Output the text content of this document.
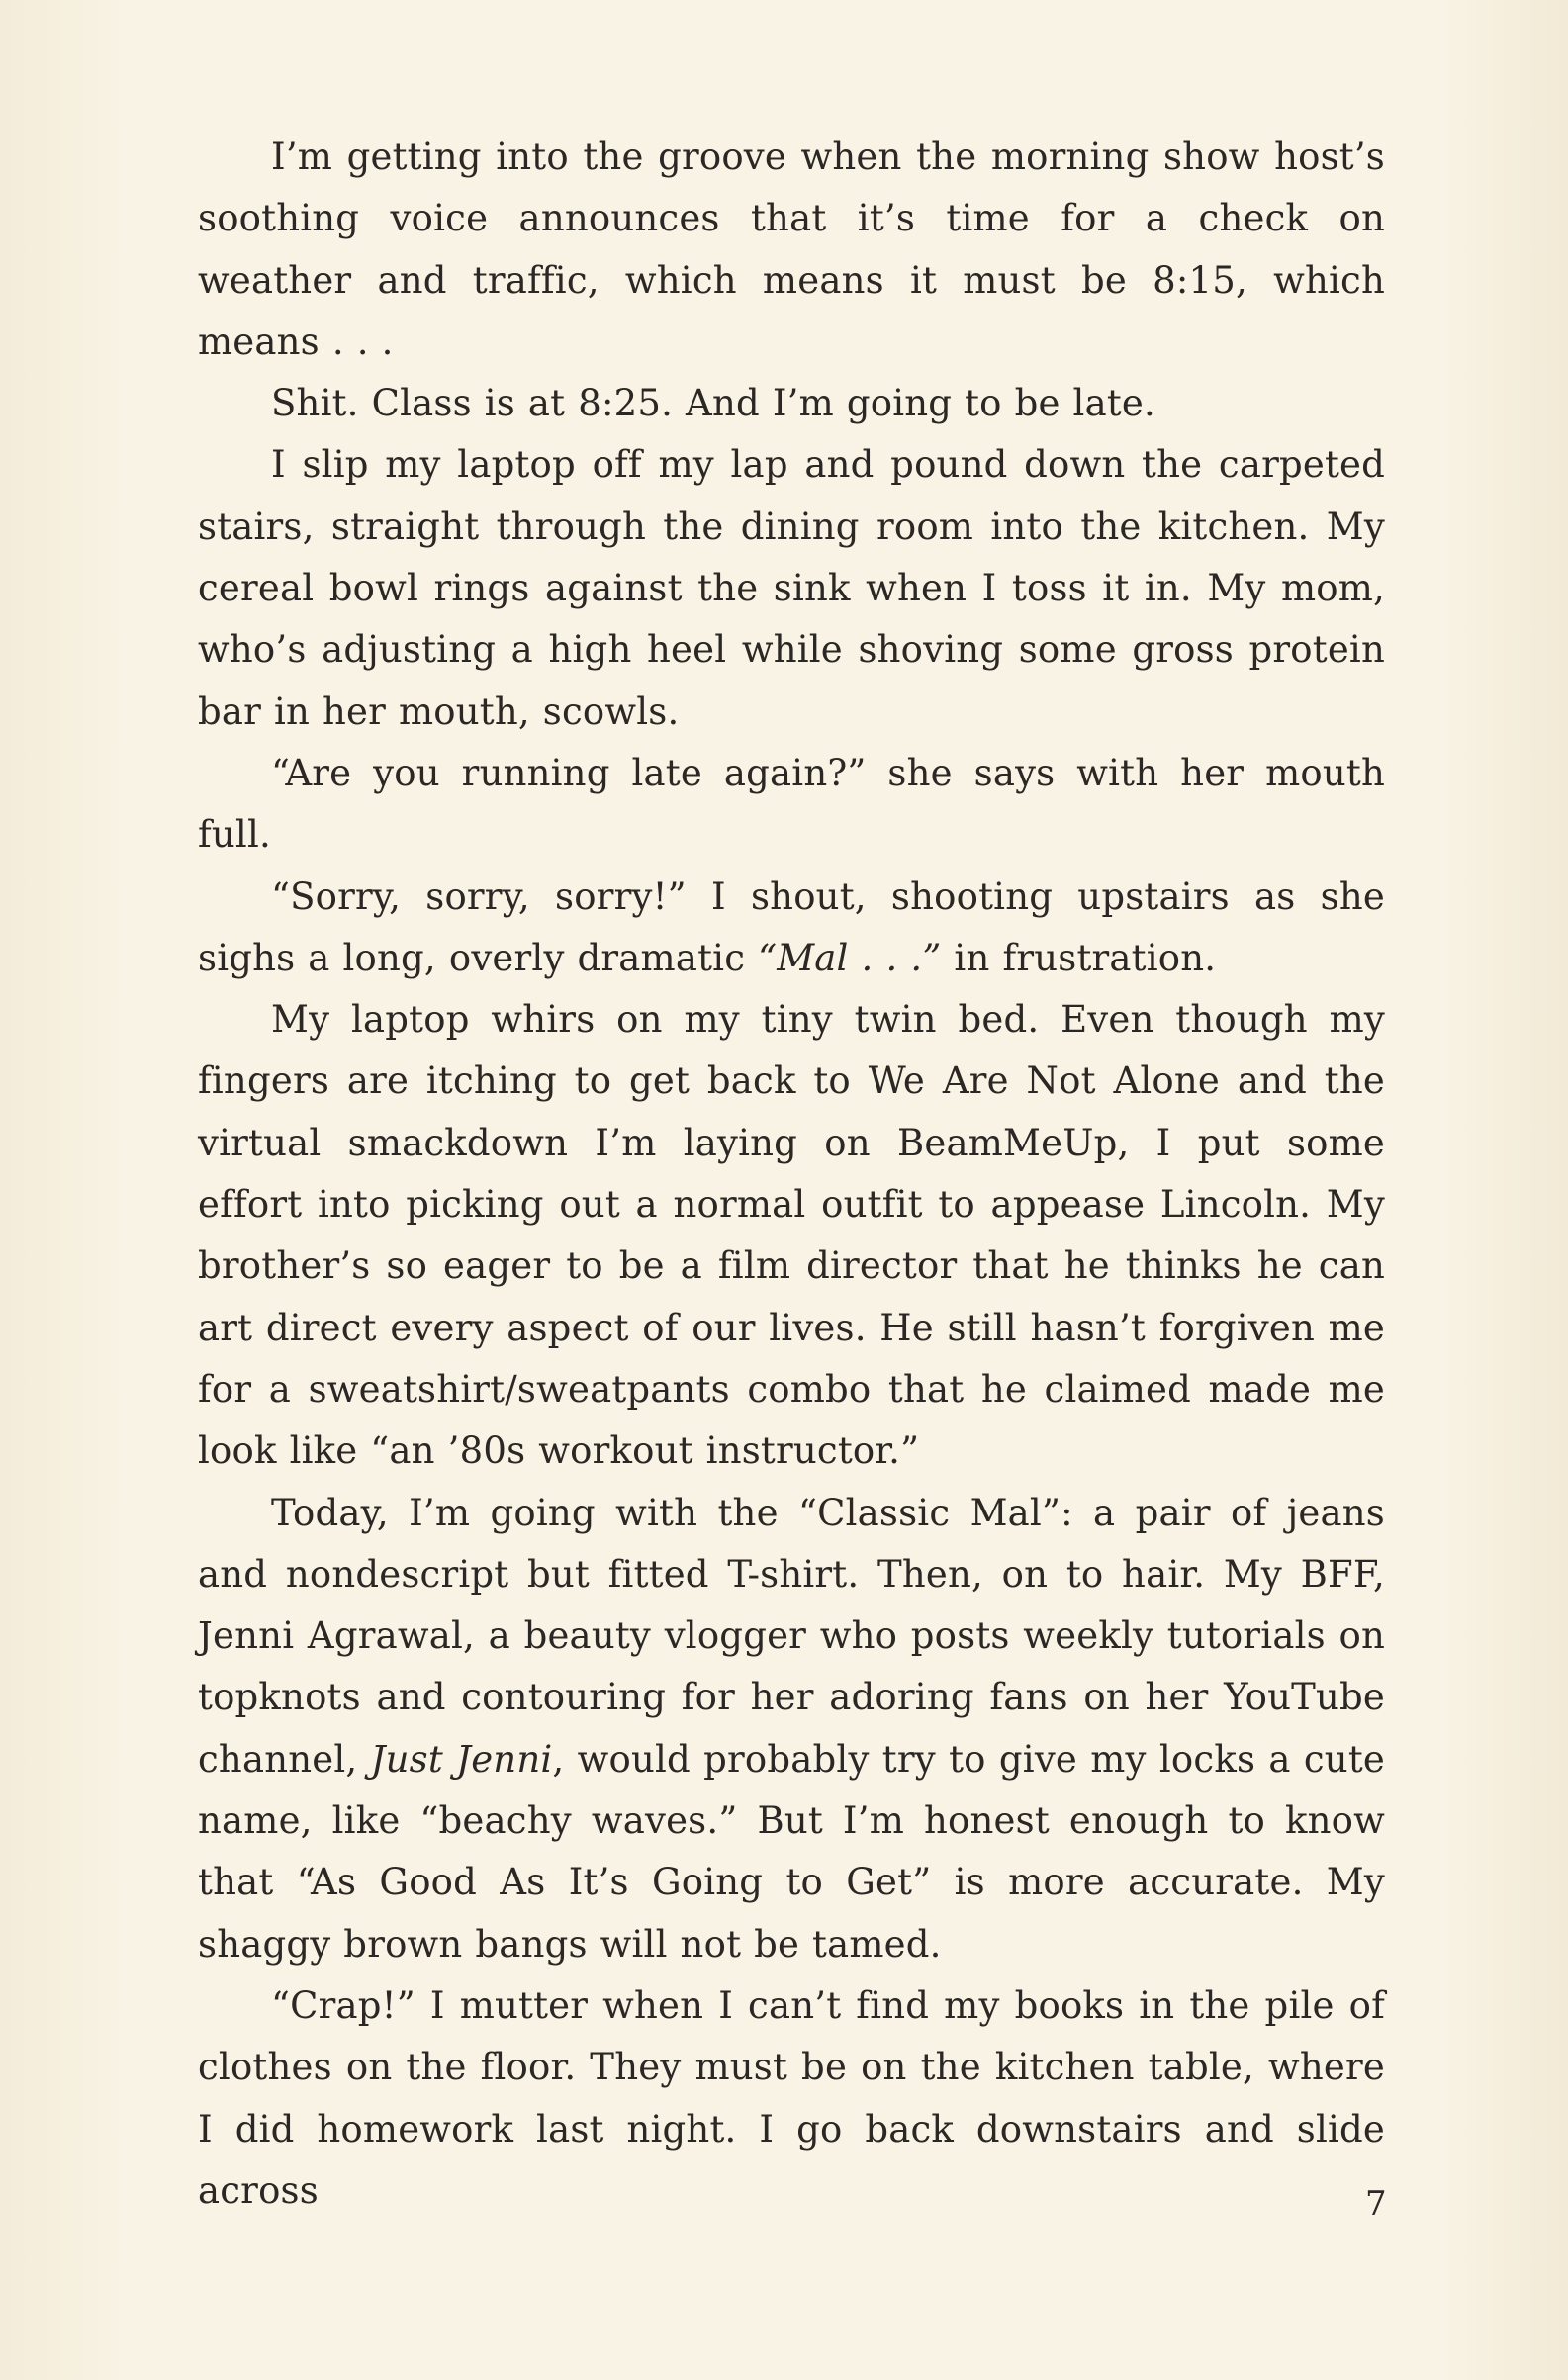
I’m getting into the groove when the morning show host’s soothing voice announces that it’s time for a check on weather and traffic, which means it must be 8:15, which means . . .

Shit. Class is at 8:25. And I’m going to be late.

I slip my laptop off my lap and pound down the carpeted stairs, straight through the dining room into the kitchen. My cereal bowl rings against the sink when I toss it in. My mom, who’s adjusting a high heel while shoving some gross protein bar in her mouth, scowls.

“Are you running late again?” she says with her mouth full.

“Sorry, sorry, sorry!” I shout, shooting upstairs as she sighs a long, overly dramatic “Mal . . .” in frustration.

My laptop whirs on my tiny twin bed. Even though my fingers are itching to get back to We Are Not Alone and the virtual smackdown I’m laying on BeamMeUp, I put some effort into picking out a normal outfit to appease Lincoln. My brother’s so eager to be a film director that he thinks he can art direct every aspect of our lives. He still hasn’t forgiven me for a sweatshirt/sweatpants combo that he claimed made me look like “an ’80s workout instructor.”

Today, I’m going with the “Classic Mal”: a pair of jeans and nondescript but fitted T-shirt. Then, on to hair. My BFF, Jenni Agrawal, a beauty vlogger who posts weekly tutorials on topknots and contouring for her adoring fans on her YouTube channel, Just Jenni, would probably try to give my locks a cute name, like “beachy waves.” But I’m honest enough to know that “As Good As It’s Going to Get” is more accurate. My shaggy brown bangs will not be tamed.

“Crap!” I mutter when I can’t find my books in the pile of clothes on the floor. They must be on the kitchen table, where I did homework last night. I go back downstairs and slide across	7
